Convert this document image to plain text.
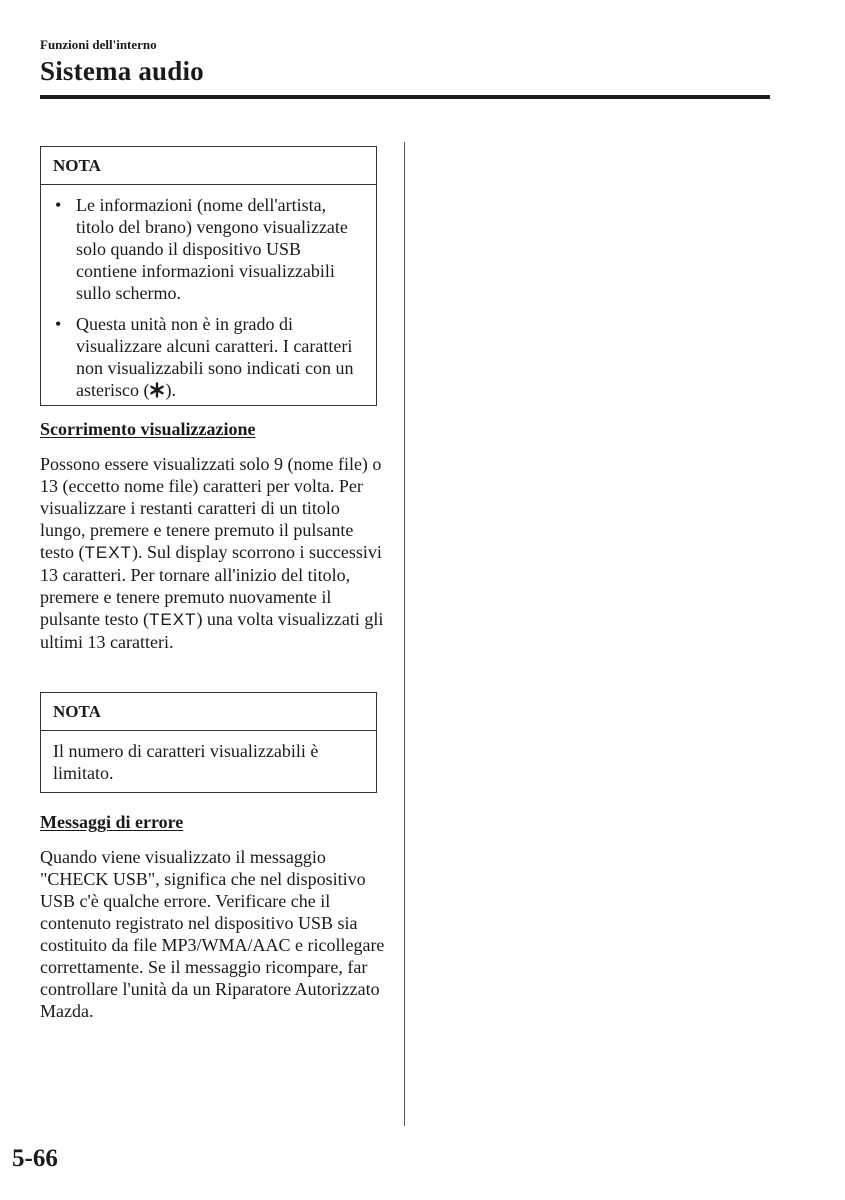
Funzioni dell'interno
Sistema audio
NOTA
• Le informazioni (nome dell'artista, titolo del brano) vengono visualizzate solo quando il dispositivo USB contiene informazioni visualizzabili sullo schermo.
• Questa unità non è in grado di visualizzare alcuni caratteri. I caratteri non visualizzabili sono indicati con un asterisco ( ).
Scorrimento visualizzazione
Possono essere visualizzati solo 9 (nome file) o 13 (eccetto nome file) caratteri per volta. Per visualizzare i restanti caratteri di un titolo lungo, premere e tenere premuto il pulsante testo (TEXT). Sul display scorrono i successivi 13 caratteri. Per tornare all'inizio del titolo, premere e tenere premuto nuovamente il pulsante testo (TEXT) una volta visualizzati gli ultimi 13 caratteri.
NOTA
Il numero di caratteri visualizzabili è limitato.
Messaggi di errore
Quando viene visualizzato il messaggio "CHECK USB", significa che nel dispositivo USB c'è qualche errore. Verificare che il contenuto registrato nel dispositivo USB sia costituito da file MP3/WMA/AAC e ricollegare correttamente. Se il messaggio ricompare, far controllare l'unità da un Riparatore Autorizzato Mazda.
5-66
